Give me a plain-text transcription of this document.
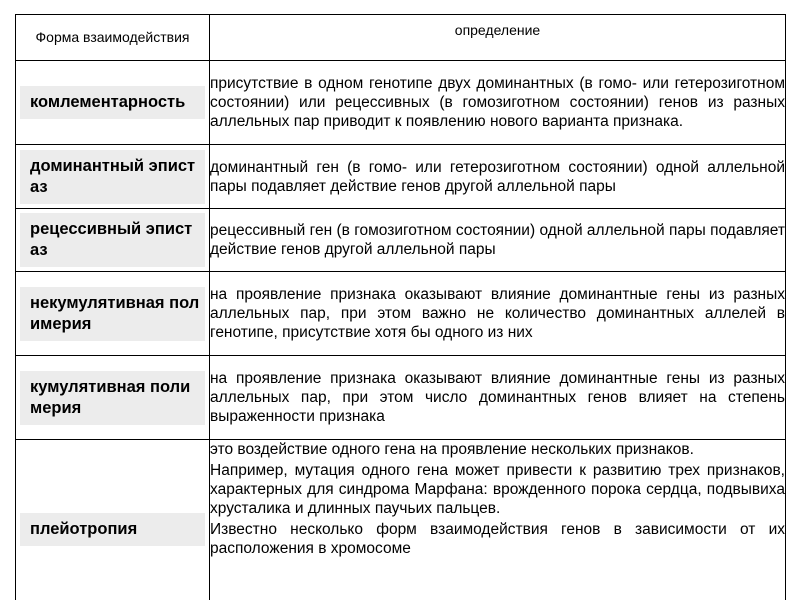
Форма взаимодействия	определение

комлементарность	присутствие в одном генотипе двух доминантных (в гомо- или гетерозиготном состоянии) или рецессивных (в гомозиготном состоянии) генов из разных аллельных пар приводит к появлению нового варианта признака.

доминантный эпистаз	доминантный ген (в гомо- или гетерозиготном состоянии) одной аллельной пары подавляет действие генов другой аллельной пары

рецессивный эпистаз	рецессивный ген (в гомозиготном состоянии) одной аллельной пары подавляет действие генов другой аллельной пары

некумулятивная полимерия	на проявление признака оказывают влияние доминантные гены из разных аллельных пар, при этом важно не количество доминантных аллелей в генотипе, присутствие хотя бы одного из них

кумулятивная полимерия	на проявление признака оказывают влияние доминантные гены из разных аллельных пар, при этом число доминантных генов влияет на степень выраженности признака

плейотропия	это воздействие одного гена на проявление нескольких признаков.
Например, мутация одного гена может привести к развитию трех признаков, характерных для синдрома Марфана: врожденного порока сердца, подвывиха хрусталика и длинных паучьих пальцев.
Известно несколько форм взаимодействия генов в зависимости от их расположения в хромосоме
